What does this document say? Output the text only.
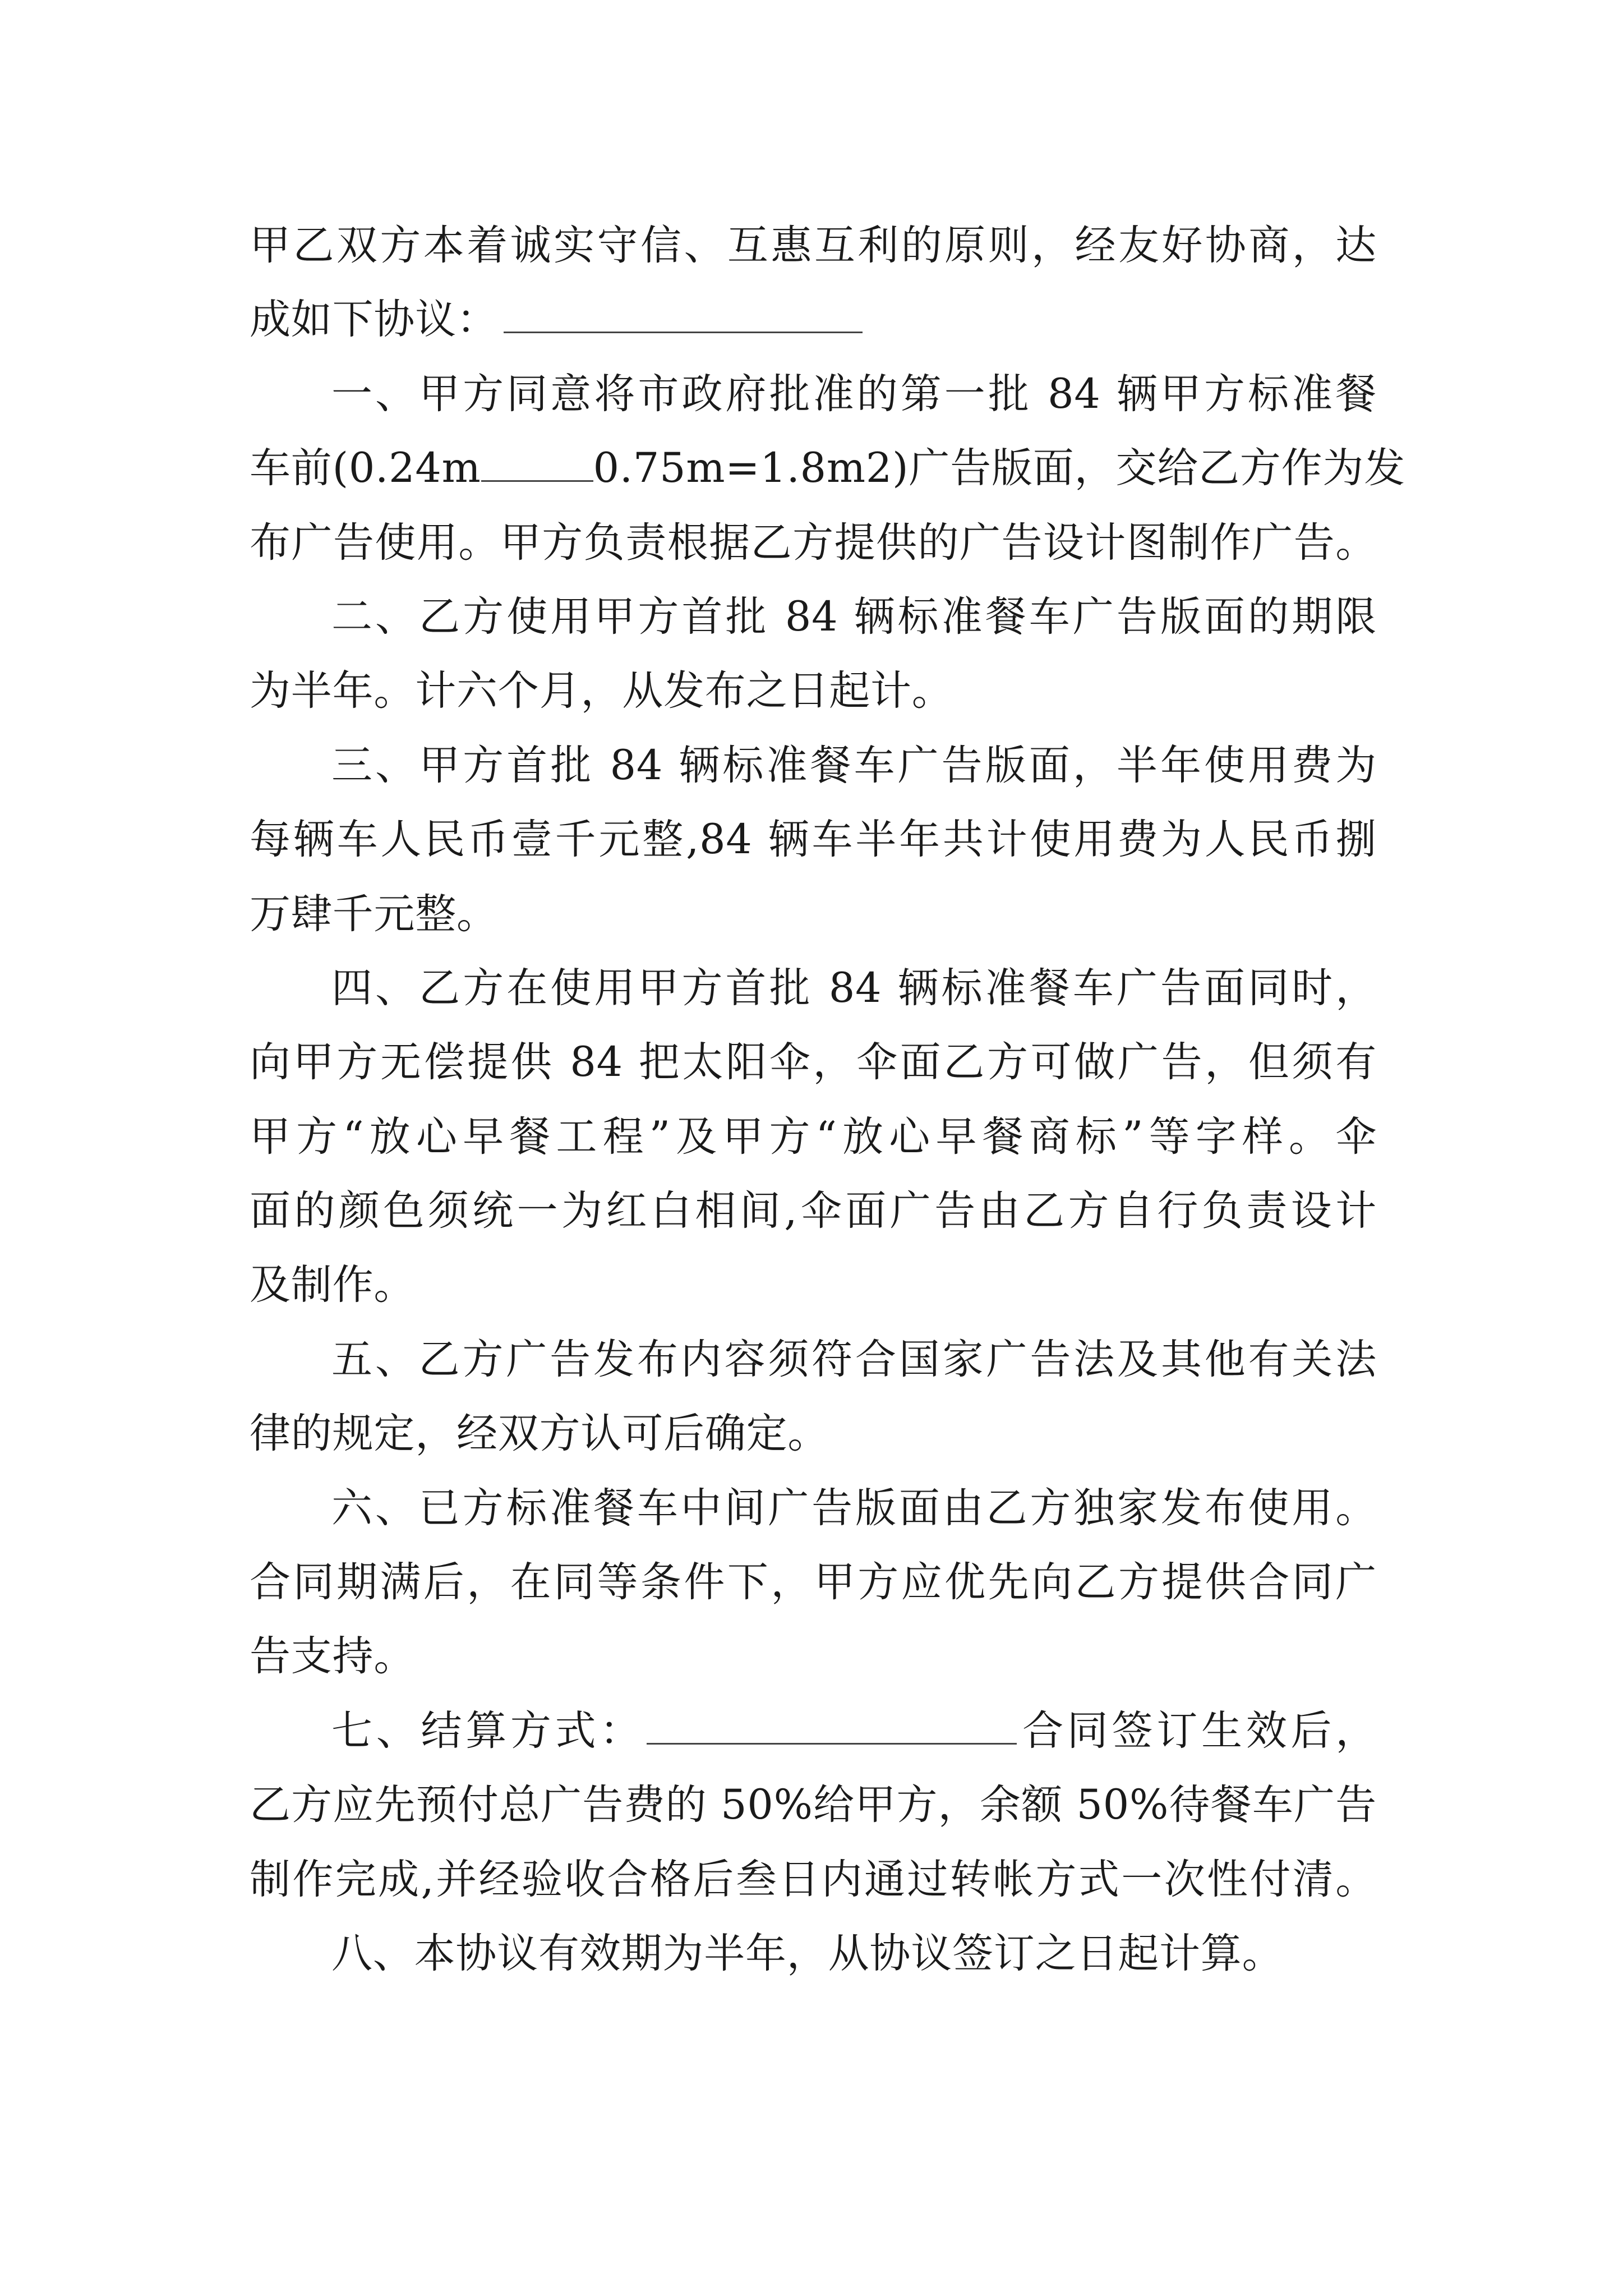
甲乙双方本着诚实守信、互惠互利的原则，经友好协商，达
成如下协议：
一、甲方同意将市政府批准的第一批 84 辆甲方标准餐
车前(0.24m	0.75m=1.8m2)广告版面，交给乙方作为发
布广告使用。甲方负责根据乙方提供的广告设计图制作广告。
二、乙方使用甲方首批 84 辆标准餐车广告版面的期限
为半年。计六个月，从发布之日起计。
三、甲方首批 84 辆标准餐车广告版面，半年使用费为
每辆车人民币壹千元整,84 辆车半年共计使用费为人民币捌
万肆千元整。
四、乙方在使用甲方首批 84 辆标准餐车广告面同时，
向甲方无偿提供 84 把太阳伞，伞面乙方可做广告，但须有
甲方“放心早餐工程”及甲方“放心早餐商标”等字样。伞
面的颜色须统一为红白相间,伞面广告由乙方自行负责设计
及制作。
五、乙方广告发布内容须符合国家广告法及其他有关法
律的规定，经双方认可后确定。
六、已方标准餐车中间广告版面由乙方独家发布使用。
合同期满后，在同等条件下，甲方应优先向乙方提供合同广
告支持。
七、结算方式：	合同签订生效后，
乙方应先预付总广告费的 50%给甲方，余额 50%待餐车广告
制作完成,并经验收合格后叁日内通过转帐方式一次性付清。
八、本协议有效期为半年，从协议签订之日起计算。
